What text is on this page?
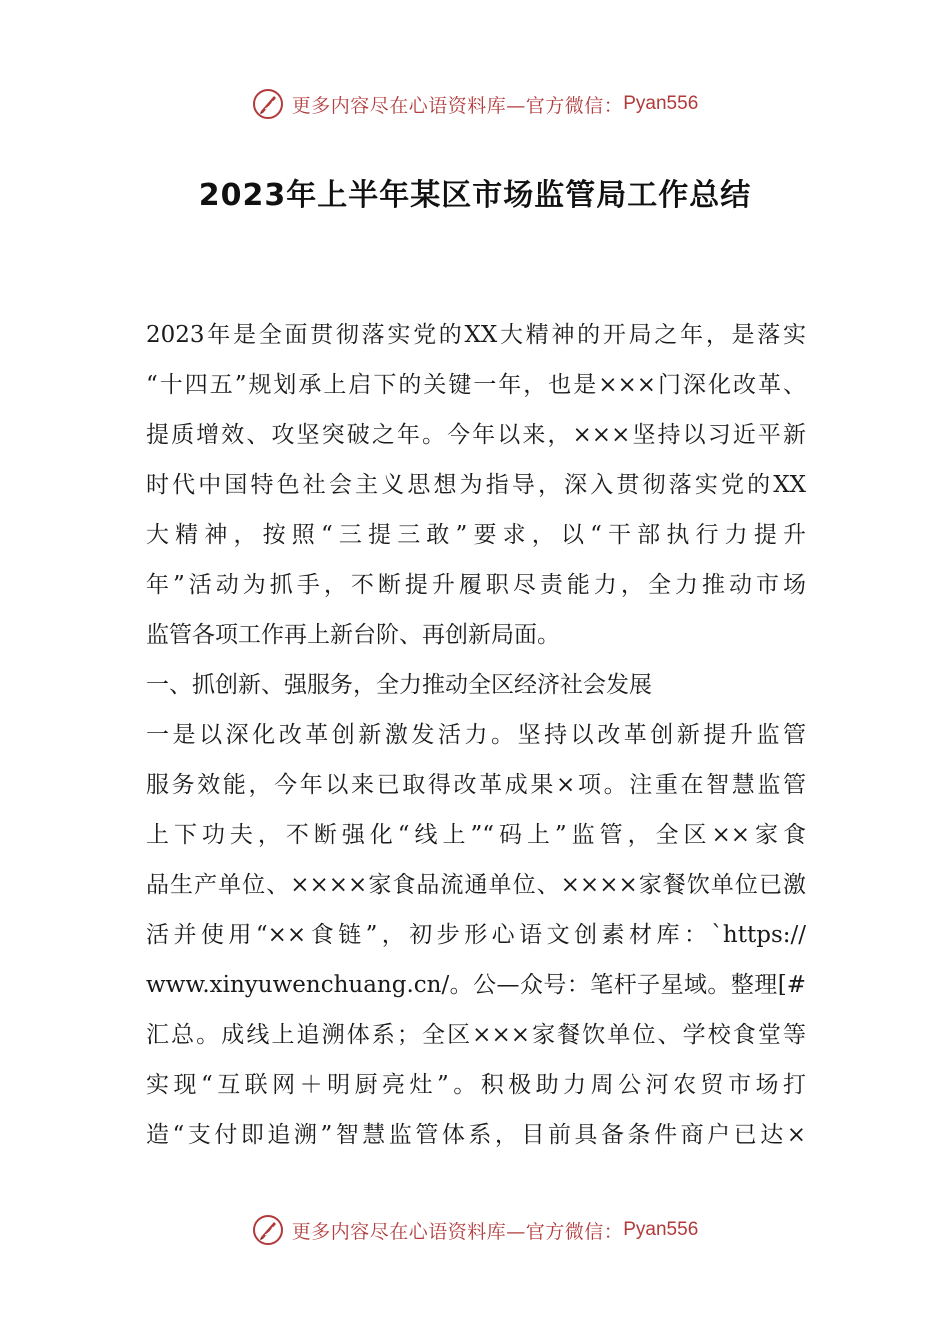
更多内容尽在心语资料库—官方微信： Pyan556
2023年上半年某区市场监管局工作总结
2023年是全面贯彻落实党的XX大精神的开局之年，是落实
“十四五”规划承上启下的关键一年，也是×××门深化改革、
提质增效、攻坚突破之年。今年以来，×××坚持以习近平新
时代中国特色社会主义思想为指导，深入贯彻落实党的XX
大精神，按照“三提三敢”要求，以“干部执行力提升
年”活动为抓手，不断提升履职尽责能力，全力推动市场
监管各项工作再上新台阶、再创新局面。
一、抓创新、强服务，全力推动全区经济社会发展
一是以深化改革创新激发活力。坚持以改革创新提升监管
服务效能，今年以来已取得改革成果×项。注重在智慧监管
上下功夫，不断强化“线上”“码上”监管，全区××家食
品生产单位、××××家食品流通单位、××××家餐饮单位已激
活并使用“××食链”，初步形心语文创素材库：`https://
www.xinyuwenchuang.cn/。公—众号：笔杆子星域。整理[#
汇总。成线上追溯体系；全区×××家餐饮单位、学校食堂等
实现“互联网＋明厨亮灶”。积极助力周公河农贸市场打
造“支付即追溯”智慧监管体系，目前具备条件商户已达×
更多内容尽在心语资料库—官方微信： Pyan556
